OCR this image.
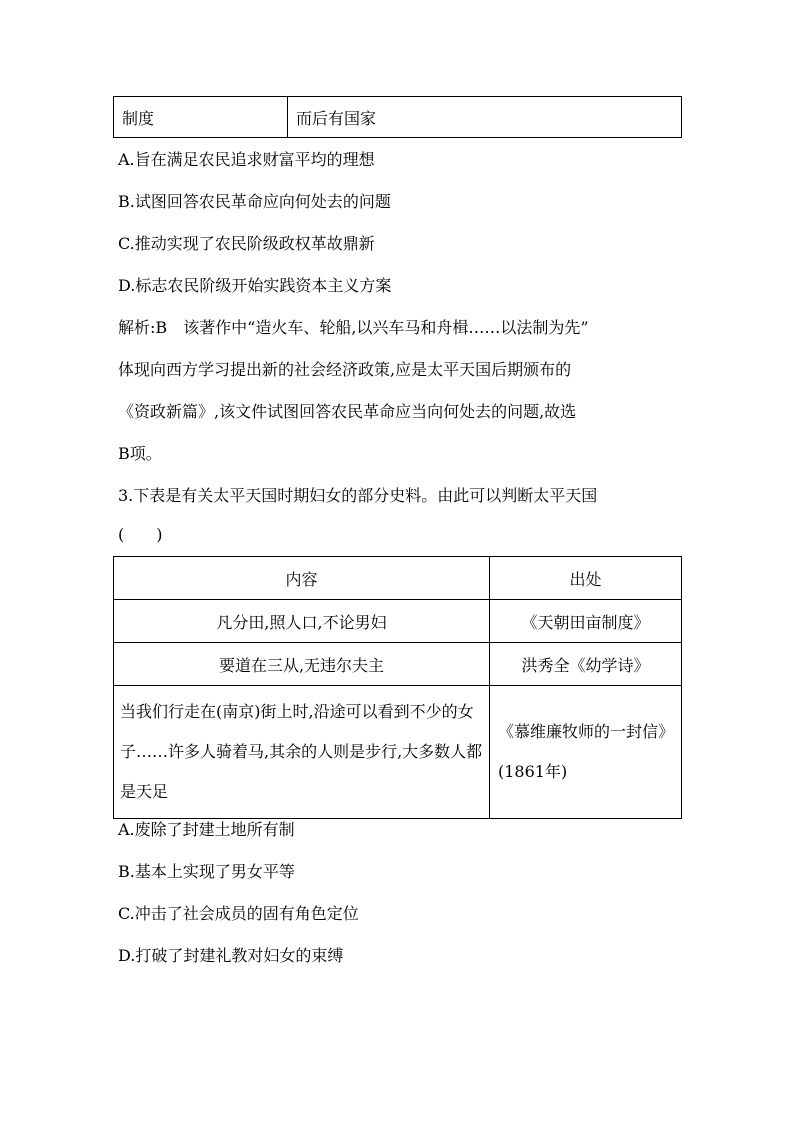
制度	而后有国家
A.旨在满足农民追求财富平均的理想
B.试图回答农民革命应向何处去的问题
C.推动实现了农民阶级政权革故鼎新
D.标志农民阶级开始实践资本主义方案
解析:B　该著作中“造火车、轮船,以兴车马和舟楫……以法制为先”
体现向西方学习提出新的社会经济政策,应是太平天国后期颁布的
《资政新篇》,该文件试图回答农民革命应当向何处去的问题,故选
B项。
3.下表是有关太平天国时期妇女的部分史料。由此可以判断太平天国
(　　)
内容	出处
凡分田,照人口,不论男妇	《天朝田亩制度》
要道在三从,无违尔夫主	洪秀全《幼学诗》
当我们行走在(南京)街上时,沿途可以看到不少的女子……许多人骑着马,其余的人则是步行,大多数人都是天足	《慕维廉牧师的一封信》(1861年)
A.废除了封建土地所有制
B.基本上实现了男女平等
C.冲击了社会成员的固有角色定位
D.打破了封建礼教对妇女的束缚
